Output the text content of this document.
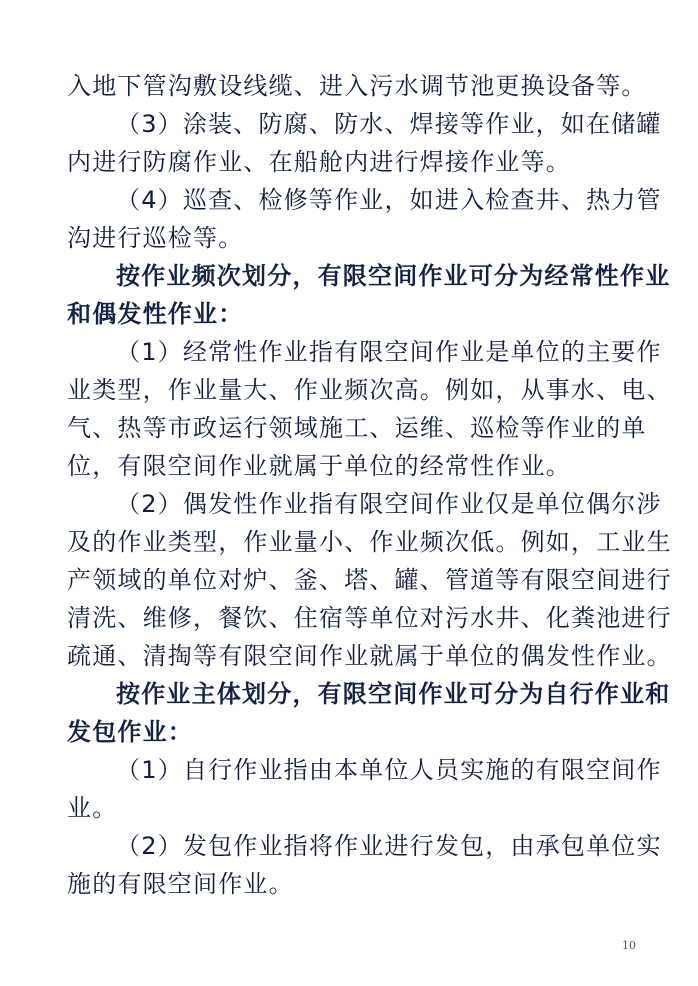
入地下管沟敷设线缆、进入污水调节池更换设备等。
（3）涂装、防腐、防水、焊接等作业，如在储罐
内进行防腐作业、在船舱内进行焊接作业等。
（4）巡查、检修等作业，如进入检查井、热力管
沟进行巡检等。
按作业频次划分，有限空间作业可分为经常性作业
和偶发性作业：
（1）经常性作业指有限空间作业是单位的主要作
业类型，作业量大、作业频次高。例如，从事水、电、
气、热等市政运行领域施工、运维、巡检等作业的单
位，有限空间作业就属于单位的经常性作业。
（2）偶发性作业指有限空间作业仅是单位偶尔涉
及的作业类型，作业量小、作业频次低。例如，工业生
产领域的单位对炉、釜、塔、罐、管道等有限空间进行
清洗、维修，餐饮、住宿等单位对污水井、化粪池进行
疏通、清掏等有限空间作业就属于单位的偶发性作业。
按作业主体划分，有限空间作业可分为自行作业和
发包作业：
（1）自行作业指由本单位人员实施的有限空间作
业。
（2）发包作业指将作业进行发包，由承包单位实
施的有限空间作业。
10
